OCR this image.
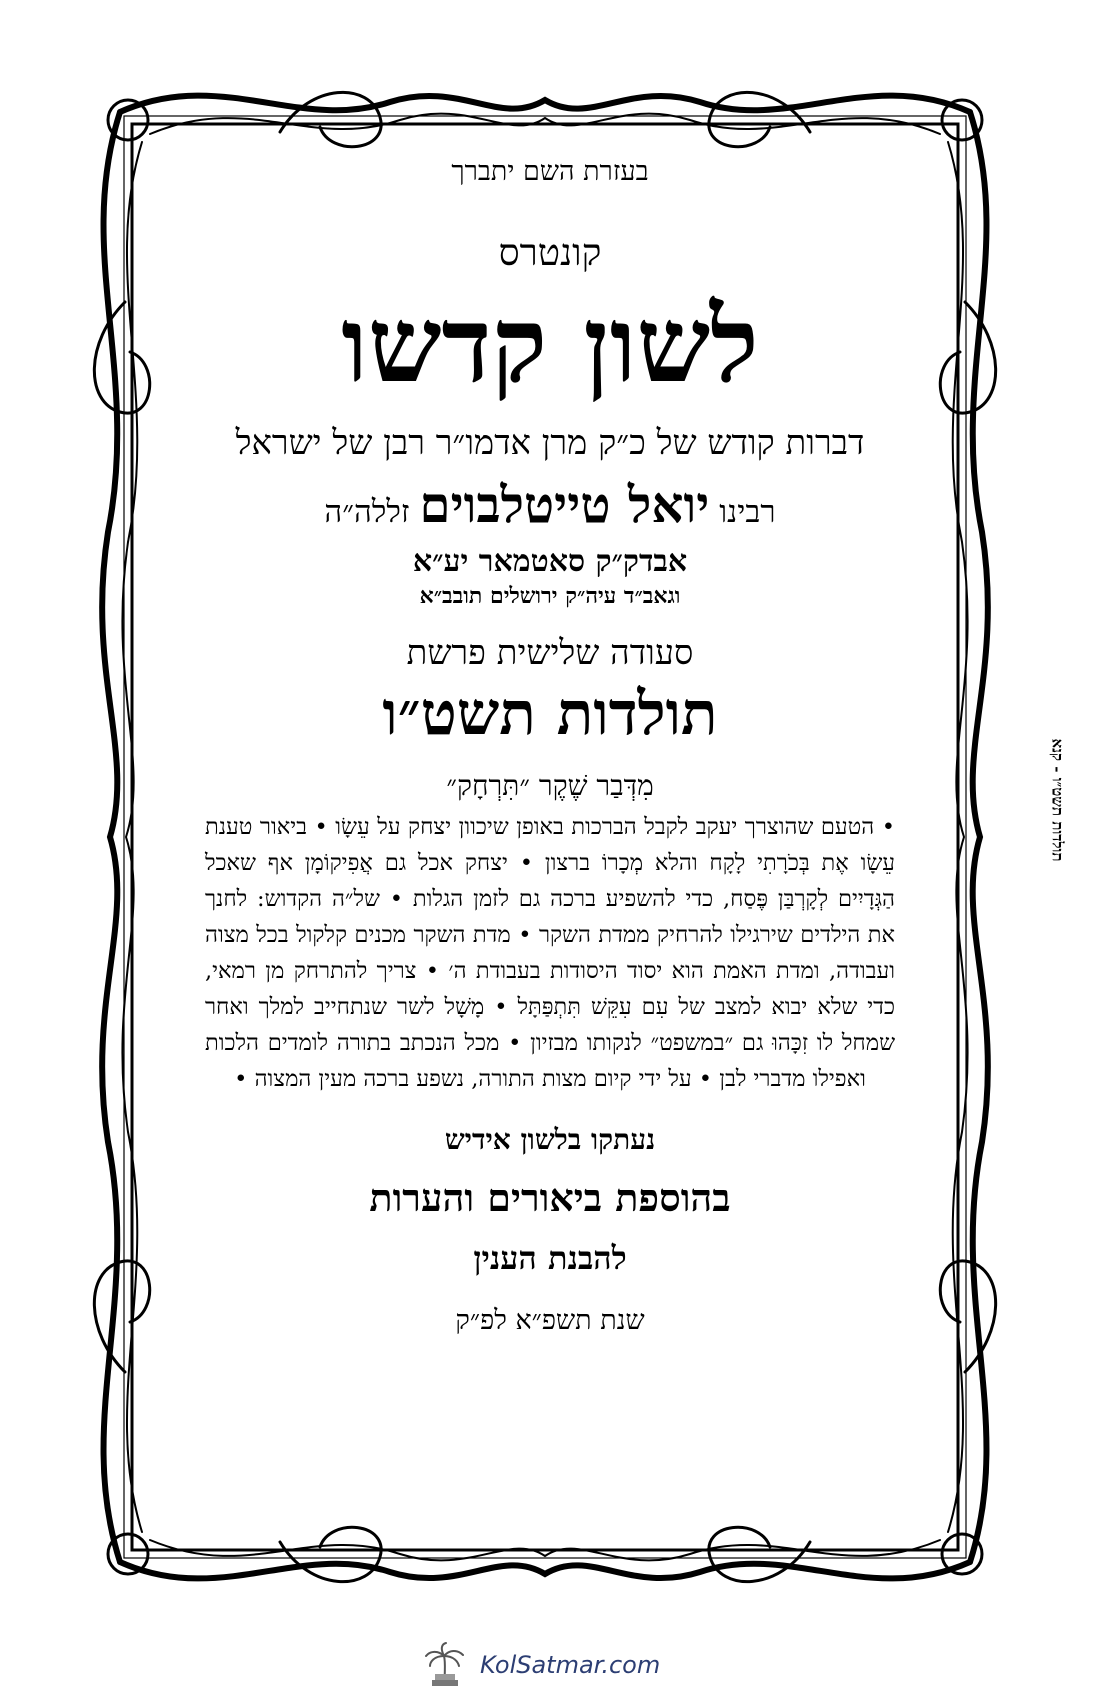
בעזרת השם יתברך
קונטרס
לשון קדשו
דברות קודש של כ״ק מרן אדמו״ר רבן של ישראל
רבינו יואל טייטלבוים זללה״ה
אבדק״ק סאטמאר יע״א
וגאב״ד עיה״ק ירושלים תובב״א
סעודה שלישית פרשת
תולדות תשט״ו
מִדְּבַר שֶׁקֶר ״תִּרְחָק״
• הטעם שהוצרך יעקב לקבל הברכות באופן שיכוון יצחק על עֵשָׂו • ביאור טענת עֵשָׂו אֶת בְּכֹרָתִי לָקָח והלא מְכָרוֹ ברצון • יצחק אכל גם אֲפִיקוֹמָן אף שאכל הַגְּדָיִים לְקָרְבַּן פֶּסַח, כדי להשפיע ברכה גם לזמן הגלות • של״ה הקדוש: לחנך את הילדים שירגילו להרחיק ממדת השקר • מדת השקר מכנים קלקול בכל מצוה ועבודה, ומדת האמת הוא יסוד היסודות בעבודת ה׳ • צריך להתרחק מן רמאי, כדי שלא יבוא למצב של עִם עִקֵּשׁ תִּתְפַּתָּל • מָשָׁל לשר שנתחייב למלך ואחר שמחל לו זִכָּהוּ גם ״במשפט״ לנקותו מבזיון • מכל הנכתב בתורה לומדים הלכות ואפילו מדברי לבן • על ידי קיום מצות התורה, נשפע ברכה מעין המצוה •
נעתקו בלשון אידיש
בהוספת ביאורים והערות
להבנת הענין
שנת תשפ״א לפ״ק
תולדות תשט״ו - קנא
KolSatmar.com
